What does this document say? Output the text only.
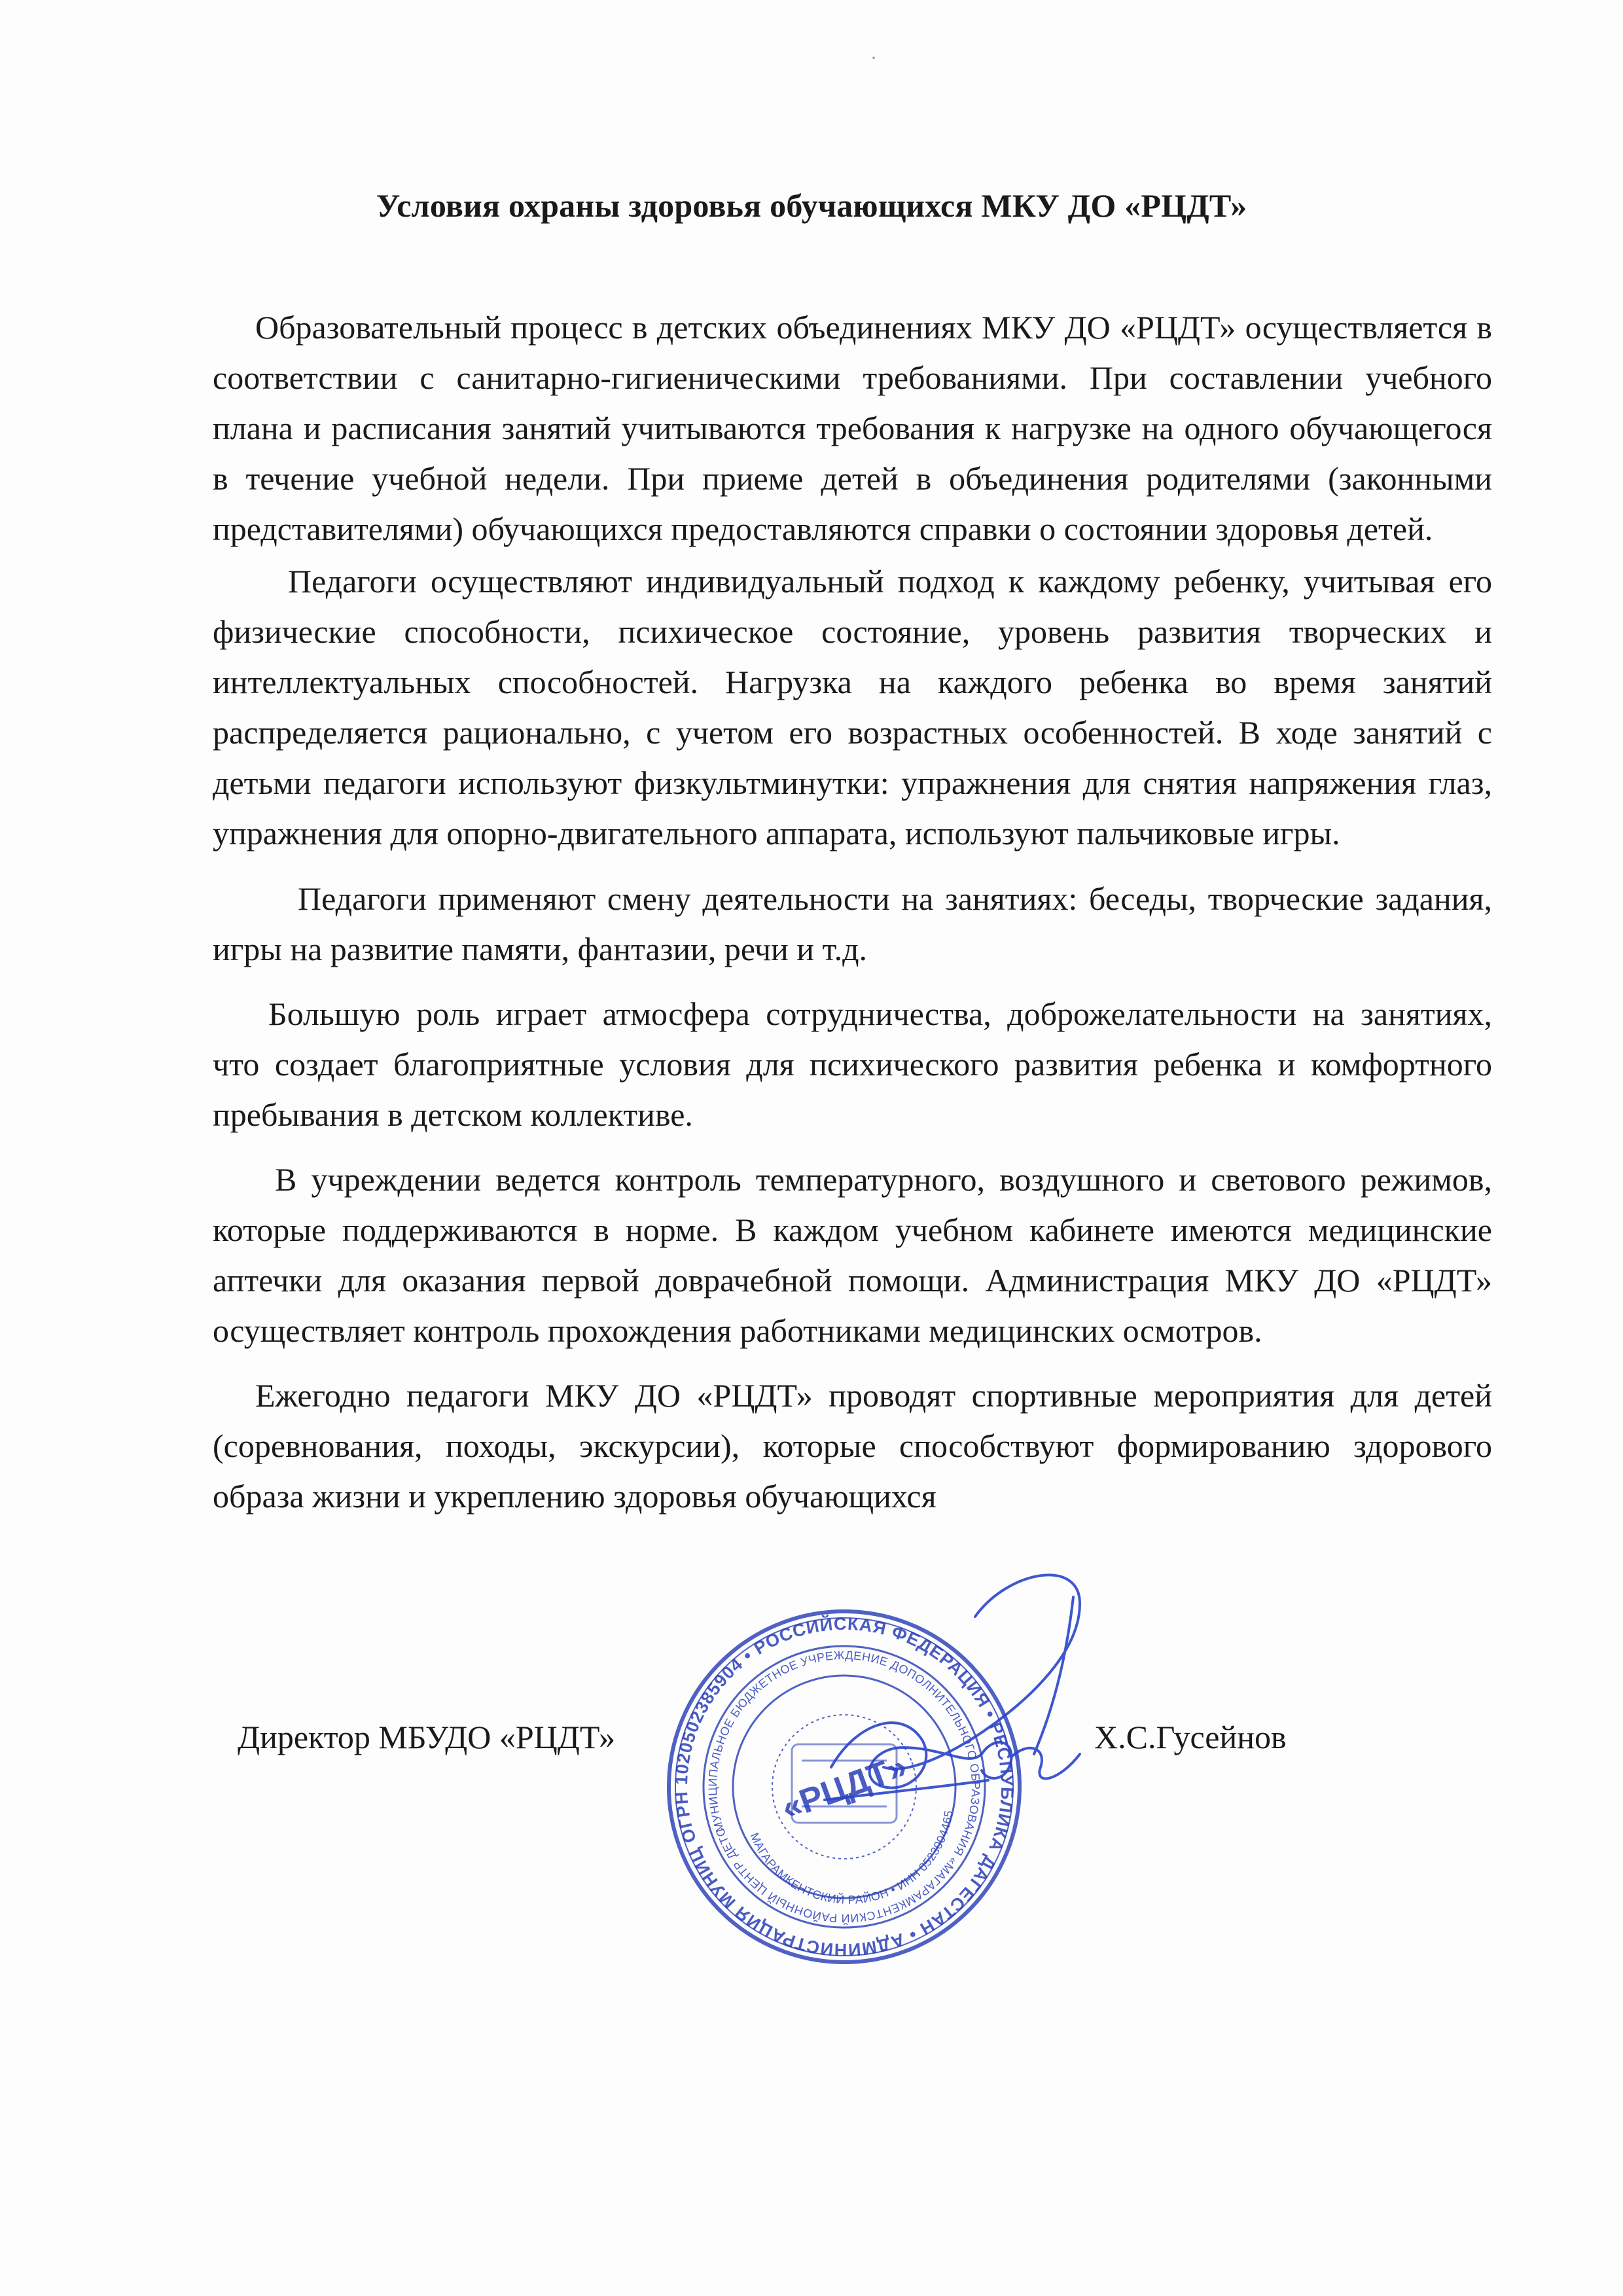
·
Условия охраны здоровья обучающихся МКУ ДО «РЦДТ»

Образовательный процесс в детских объединениях МКУ ДО «РЦДТ» осуществляется в соответствии с санитарно-гигиеническими требованиями. При составлении учебного плана и расписания занятий учитываются требования к нагрузке на одного обучающегося в течение учебной недели. При приеме детей в объединения родителями (законными представителями) обучающихся предоставляются справки о состоянии здоровья детей.

Педагоги осуществляют индивидуальный подход к каждому ребенку, учитывая его физические способности, психическое состояние, уровень развития творческих и интеллектуальных способностей. Нагрузка на каждого ребенка во время занятий распределяется рационально, с учетом его возрастных особенностей. В ходе занятий с детьми педагоги используют физкультминутки: упражнения для снятия напряжения глаз, упражнения для опорно-двигательного аппарата, используют пальчиковые игры.

Педагоги применяют смену деятельности на занятиях: беседы, творческие задания, игры на развитие памяти, фантазии, речи и т.д.

Большую роль играет атмосфера сотрудничества, доброжелательности на занятиях, что создает благоприятные условия для психического развития ребенка и комфортного пребывания в детском коллективе.

В учреждении ведется контроль температурного, воздушного и светового режимов, которые поддерживаются в норме. В каждом учебном кабинете имеются медицинские аптечки для оказания первой доврачебной помощи. Администрация МКУ ДО «РЦДТ» осуществляет контроль прохождения работниками медицинских осмотров.

Ежегодно педагоги МКУ ДО «РЦДТ» проводят спортивные мероприятия для детей (соревнования, походы, экскурсии), которые способствуют формированию здорового образа жизни и укреплению здоровья обучающихся

Директор МБУДО «РЦДТ»	Х.С.Гусейнов
ОГРН 1020502385904 • РОССИЙСКАЯ ФЕДЕРАЦИЯ • РЕСПУБЛИКА ДАГЕСТАН • АДМИНИСТРАЦИЯ МУНИЦИПАЛЬНОГО
МУНИЦИПАЛЬНОЕ БЮДЖЕТНОЕ УЧРЕЖДЕНИЕ ДОПОЛНИТЕЛЬНОГО ОБРАЗОВАНИЯ «МАГАРАМКЕНТСКИЙ РАЙОННЫЙ ЦЕНТР ДЕТСКОГО
МАГАРАМКЕНТСКИЙ РАЙОН • ИНН 0523004465
«РЦДТ»
